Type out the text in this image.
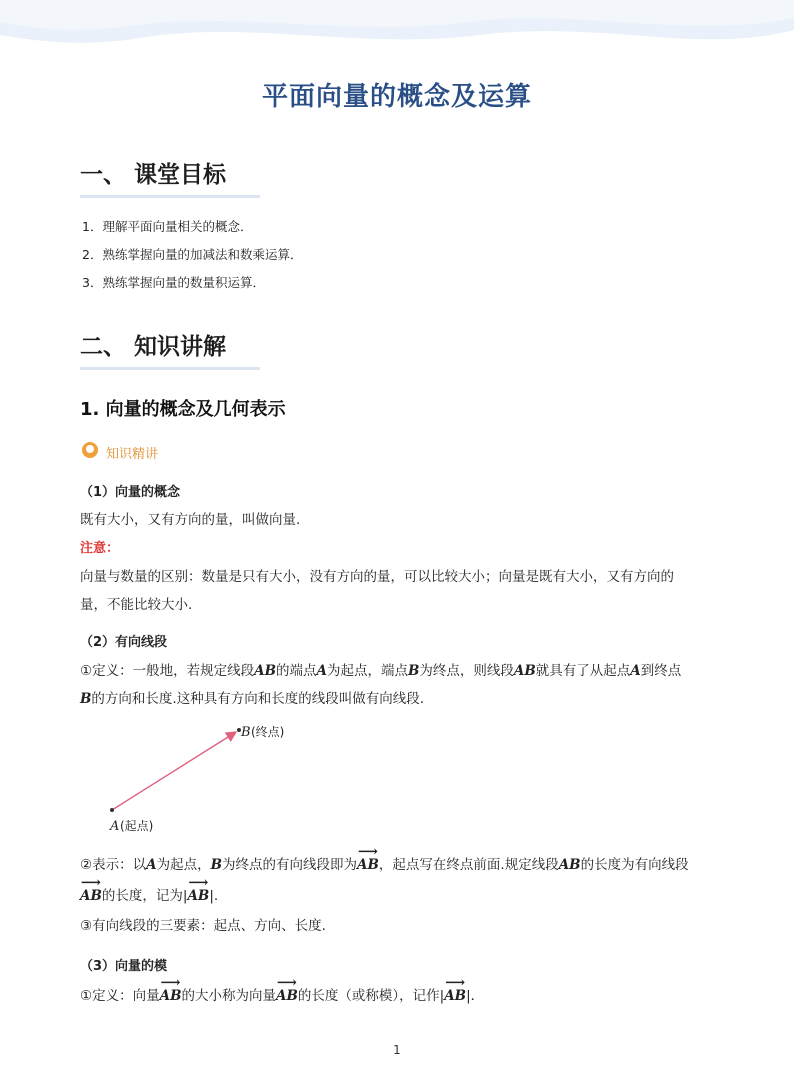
平面向量的概念及运算
一、 课堂目标
1．理解平面向量相关的概念．
2．熟练掌握向量的加减法和数乘运算．
3．熟练掌握向量的数量积运算．
二、 知识讲解
1. 向量的概念及几何表示
知识精讲
（1）向量的概念
既有大小，又有方向的量，叫做向量.
注意：
向量与数量的区别：数量是只有大小，没有方向的量，可以比较大小；向量是既有大小，又有方向的
量，不能比较大小.
（2）有向线段
①定义：一般地，若规定线段AB的端点A为起点，端点B为终点，则线段AB就具有了从起点A到终点
B的方向和长度.这种具有方向和长度的线段叫做有向线段.
B (终点)
A (起点)
②表示：以A为起点，B为终点的有向线段即为⟶ AB，起点写在终点前面.规定线段AB的长度为有向线段
⟶ AB的长度，记为|⟶ AB|.
③有向线段的三要素：起点、方向、长度.
（3）向量的模
①定义：向量⟶ AB的大小称为向量⟶ AB的长度（或称模），记作|⟶ AB|．
1
